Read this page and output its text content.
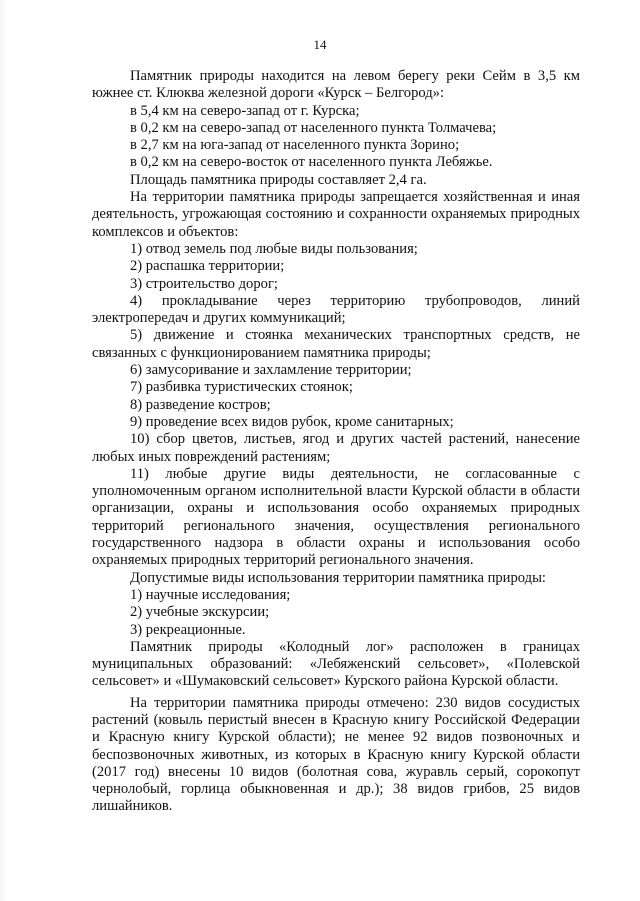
14

Памятник природы находится на левом берегу реки Сейм в 3,5 км южнее ст. Клюква железной дороги «Курск – Белгород»:

в 5,4 км на северо-запад от г. Курска;

в 0,2 км на северо-запад от населенного пункта Толмачева;

в 2,7 км на юга-запад от населенного пункта Зорино;

в 0,2 км на северо-восток от населенного пункта Лебяжье.

Площадь памятника природы составляет 2,4 га.

На территории памятника природы запрещается хозяйственная и иная деятельность, угрожающая состоянию и сохранности охраняемых природных комплексов и объектов:

1) отвод земель под любые виды пользования;

2) распашка территории;

3) строительство дорог;

4) прокладывание через территорию трубопроводов, линий электропередач и других коммуникаций;

5) движение и стоянка механических транспортных средств, не связанных с функционированием памятника природы;

6) замусоривание и захламление территории;

7) разбивка туристических стоянок;

8) разведение костров;

9) проведение всех видов рубок, кроме санитарных;

10) сбор цветов, листьев, ягод и других частей растений, нанесение любых иных повреждений растениям;

11) любые другие виды деятельности, не согласованные с уполномоченным органом исполнительной власти Курской области в области организации, охраны и использования особо охраняемых природных территорий регионального значения, осуществления регионального государственного надзора в области охраны и использования особо охраняемых природных территорий регионального значения.

Допустимые виды использования территории памятника природы:

1) научные исследования;

2) учебные экскурсии;

3) рекреационные.

Памятник природы «Колодный лог» расположен в границах муниципальных образований: «Лебяженский сельсовет», «Полевской сельсовет» и «Шумаковский сельсовет» Курского района Курской области.

На территории памятника природы отмечено: 230 видов сосудистых растений (ковыль перистый внесен в Красную книгу Российской Федерации и Красную книгу Курской области); не менее 92 видов позвоночных и беспозвоночных животных, из которых в Красную книгу Курской области (2017 год) внесены 10 видов (болотная сова, журавль серый, сорокопут чернолобый, горлица обыкновенная и др.); 38 видов грибов, 25 видов лишайников.
